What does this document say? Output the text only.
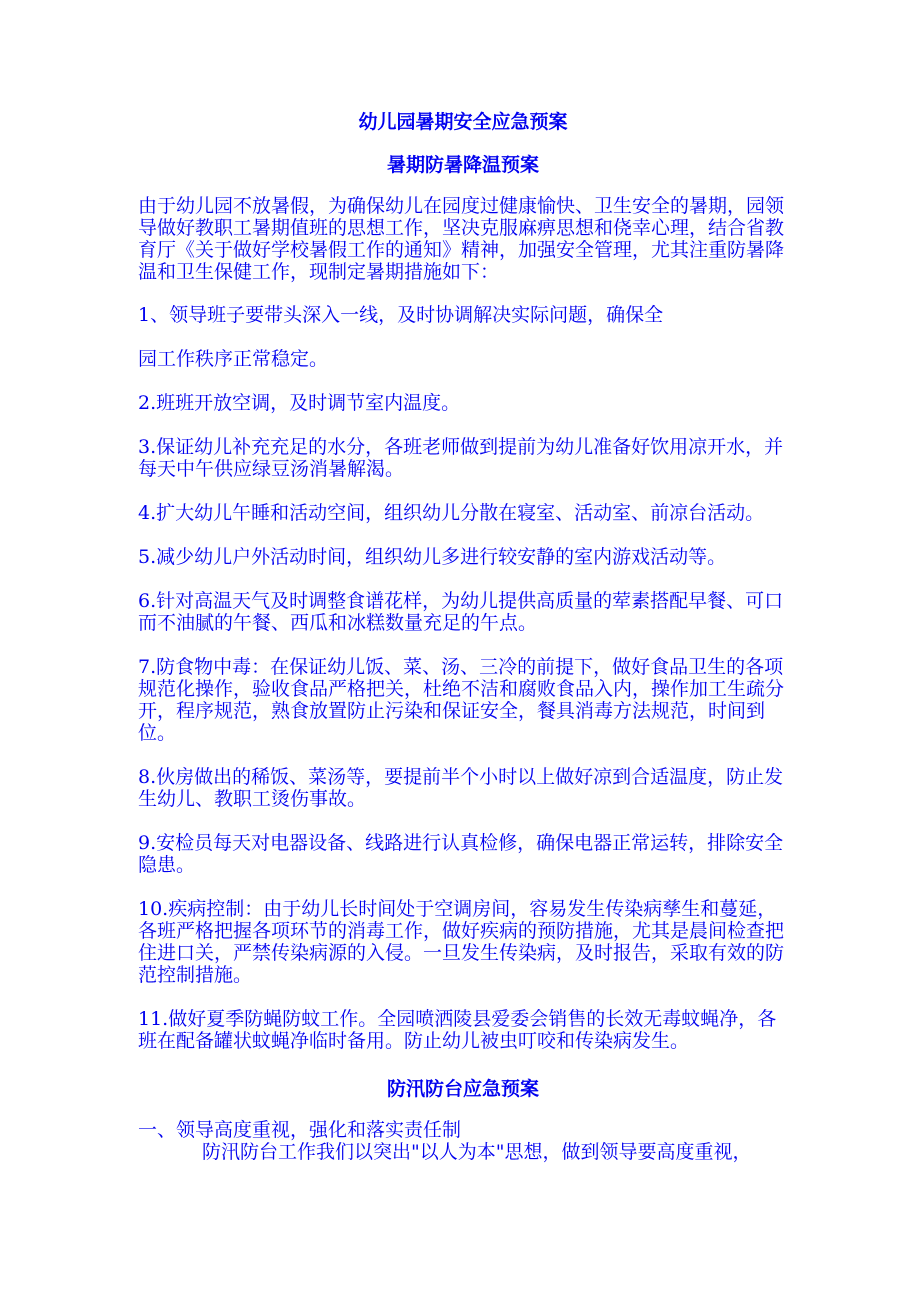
幼儿园暑期安全应急预案

暑期防暑降温预案

由于幼儿园不放暑假，为确保幼儿在园度过健康愉快、卫生安全的暑期，园领导做好教职工暑期值班的思想工作，坚决克服麻痹思想和侥幸心理，结合省教育厅《关于做好学校暑假工作的通知》精神，加强安全管理，尤其注重防暑降温和卫生保健工作，现制定暑期措施如下：

1、领导班子要带头深入一线，及时协调解决实际问题，确保全

园工作秩序正常稳定。

2.班班开放空调，及时调节室内温度。

3.保证幼儿补充充足的水分，各班老师做到提前为幼儿准备好饮用凉开水，并每天中午供应绿豆汤消暑解渴。

4.扩大幼儿午睡和活动空间，组织幼儿分散在寝室、活动室、前凉台活动。

5.减少幼儿户外活动时间，组织幼儿多进行较安静的室内游戏活动等。

6.针对高温天气及时调整食谱花样，为幼儿提供高质量的荤素搭配早餐、可口而不油腻的午餐、西瓜和冰糕数量充足的午点。

7.防食物中毒：在保证幼儿饭、菜、汤、三冷的前提下，做好食品卫生的各项规范化操作，验收食品严格把关，杜绝不洁和腐败食品入内，操作加工生疏分开，程序规范，熟食放置防止污染和保证安全，餐具消毒方法规范，时间到位。

8.伙房做出的稀饭、菜汤等，要提前半个小时以上做好凉到合适温度，防止发生幼儿、教职工烫伤事故。

9.安检员每天对电器设备、线路进行认真检修，确保电器正常运转，排除安全隐患。

10.疾病控制：由于幼儿长时间处于空调房间，容易发生传染病孳生和蔓延，各班严格把握各项环节的消毒工作，做好疾病的预防措施，尤其是晨间检查把住进口关，严禁传染病源的入侵。一旦发生传染病，及时报告，采取有效的防范控制措施。

11.做好夏季防蝇防蚊工作。全园喷洒陵县爱委会销售的长效无毒蚊蝇净，各班在配备罐状蚊蝇净临时备用。防止幼儿被虫叮咬和传染病发生。

防汛防台应急预案

一、领导高度重视，强化和落实责任制

防汛防台工作我们以突出"以人为本"思想，做到领导要高度重视，
